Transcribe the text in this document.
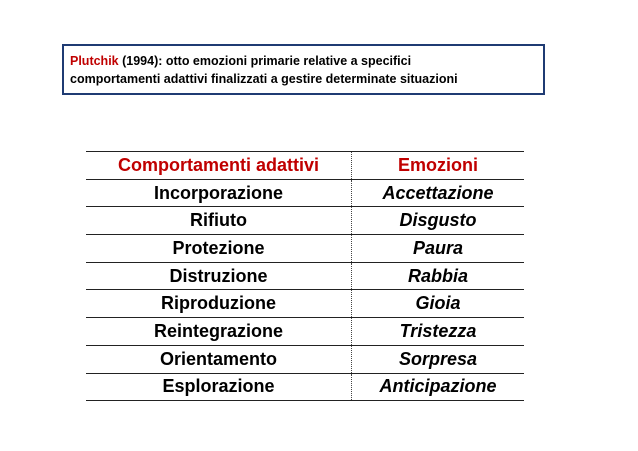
Plutchik (1994): otto emozioni primarie relative a specifici
comportamenti adattivi finalizzati a gestire determinate situazioni
Comportamenti adattivi	Emozioni
Incorporazione	Accettazione
Rifiuto	Disgusto
Protezione	Paura
Distruzione	Rabbia
Riproduzione	Gioia
Reintegrazione	Tristezza
Orientamento	Sorpresa
Esplorazione	Anticipazione
